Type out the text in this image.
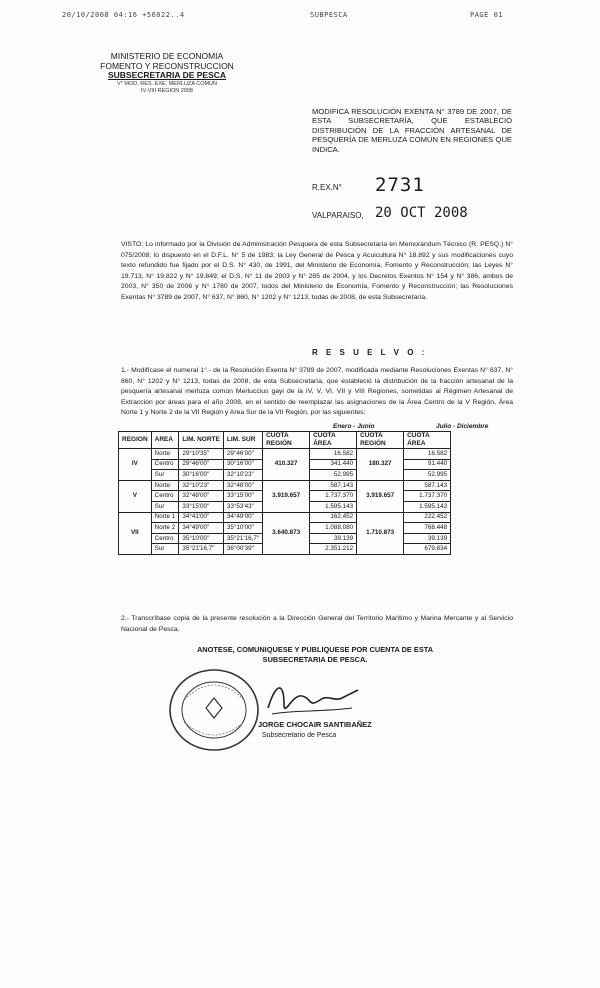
20/10/2008 04:16 +56022..4	SUBPESCA	PAGE 01
MINISTERIO DE ECONOMIA
FOMENTO Y RECONSTRUCCION
SUBSECRETARIA DE PESCA
V° MOD. RES. EXE. MERLUZA COMUN
IV-VIII REGION 2008
MODIFICA RESOLUCIÓN EXENTA N° 3789 DE 2007, DE ESTA SUBSECRETARÍA, QUE ESTABLECIÓ DISTRIBUCIÓN DE LA FRACCIÓN ARTESANAL DE PESQUERÍA DE MERLUZA COMÚN EN REGIONES QUE INDICA.
R.EX.N° 2731
VALPARAISO, 20 OCT 2008
VISTO: Lo informado por la División de Administración Pesquera de esta Subsecretaría en Memorándum Técnico (R. PESQ.) N° 075/2008; lo dispuesto en el D.F.L. N° 5 de 1983; la Ley General de Pesca y Acuicultura N° 18.892 y sus modificaciones cuyo texto refundido fue fijado por el D.S. N° 430, de 1991, del Ministerio de Economía, Fomento y Reconstrucción; las Leyes N° 19.713, N° 19.822 y N° 19.849; el D.S. N° 11 de 2003 y N° 285 de 2004, y los Decretos Exentos N° 154 y N° 386, ambos de 2003, N° 350 de 2006 y N° 1780 de 2007, todos del Ministerio de Economía, Fomento y Reconstrucción; las Resoluciones Exentas N° 3789 de 2007, N° 637, N° 860, N° 1202 y N° 1213, todas de 2008, de esta Subsecretaría.
R E S U E L V O :
1.- Modifícase el numeral 1°.- de la Resolución Exenta N° 3789 de 2007, modificada mediante Resoluciones Exentas N° 637, N° 860, N° 1202 y N° 1213, todas de 2008, de esta Subsecretaría, que estableció la distribución de la fracción artesanal de la pesquería artesanal merluza común Merluccius gayi de la IV, V, VI, VII y VIII Regiones, sometidas al Régimen Artesanal de Extracción por áreas para el año 2008, en el sentido de reemplazar las asignaciones de la Área Centro de la V Región, Área Norte 1 y Norte 2 de la VII Región y Area Sur de la VII Región, por las siguientes:
Enero - Junio	Julio - Diciembre
REGION	AREA	LIM. NORTE	LIM. SUR	CUOTA REGIÓN	CUOTA ÁREA	CUOTA REGIÓN	CUOTA ÁREA
IV	Norte	29°10'35"	29°46'00"	410.327	16.582	180.327	16.582
	Centro	29°46'00"	30°16'00"		341.440		91.440
	Sur	30°16'00"	32°10'23"		52.995		52.995
V	Norte	32°10'23"	32°48'00"	3.919.657	587.143	3.919.657	587.143
	Centro	32°48'00"	33°15'00"		1.737.370		1.737.370
	Sur	33°15'00"	33°53'43"		1.595.143		1.595.143
VII	Norte 1	34°41'00"	34°49'00"	3.640.873	162.452	1.710.873	222.452
	Norte 2	34°49'00"	35°10'00"		1.088.080		768.448
	Centro	35°10'00"	35°21'16,7"		39.139		39.139
	Sur	35°21'16,7"	36°00'39"		2.351.212		679.834
2.- Transcríbase copia de la presente resolución a la Dirección General del Territorio Marítimo y Marina Mercante y al Servicio Nacional de Pesca.
ANOTESE, COMUNIQUESE Y PUBLIQUESE POR CUENTA DE ESTA
SUBSECRETARIA DE PESCA.
JORGE CHOCAIR SANTIBAÑEZ
Subsecretario de Pesca
